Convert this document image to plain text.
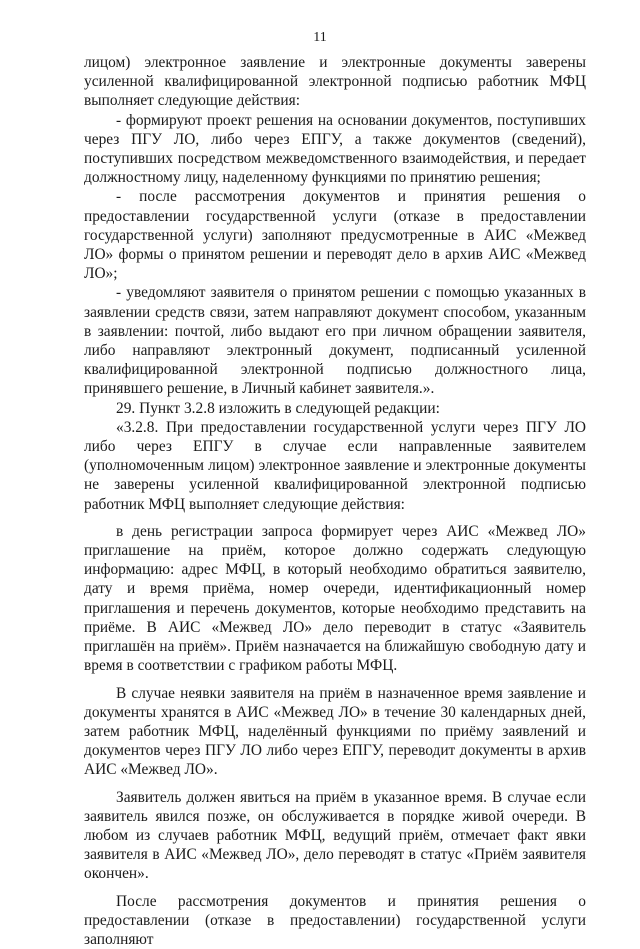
11

лицом) электронное заявление и электронные документы заверены усиленной квалифицированной электронной подписью работник МФЦ выполняет следующие действия:

- формируют проект решения на основании документов, поступивших через ПГУ ЛО, либо через ЕПГУ, а также документов (сведений), поступивших посредством межведомственного взаимодействия, и передает должностному лицу, наделенному функциями по принятию решения;

- после рассмотрения документов и принятия решения о предоставлении государственной услуги (отказе в предоставлении государственной услуги) заполняют предусмотренные в АИС «Межвед ЛО» формы о принятом решении и переводят дело в архив АИС «Межвед ЛО»;

- уведомляют заявителя о принятом решении с помощью указанных в заявлении средств связи, затем направляют документ способом, указанным в заявлении: почтой, либо выдают его при личном обращении заявителя, либо направляют электронный документ, подписанный усиленной квалифицированной электронной подписью должностного лица, принявшего решение, в Личный кабинет заявителя.».

29. Пункт 3.2.8 изложить в следующей редакции:

«3.2.8. При предоставлении государственной услуги через ПГУ ЛО либо через ЕПГУ в случае если направленные заявителем (уполномоченным лицом) электронное заявление и электронные документы не заверены усиленной квалифицированной электронной подписью работник МФЦ выполняет следующие действия:

в день регистрации запроса формирует через АИС «Межвед ЛО» приглашение на приём, которое должно содержать следующую информацию: адрес МФЦ, в который необходимо обратиться заявителю, дату и время приёма, номер очереди, идентификационный номер приглашения и перечень документов, которые необходимо представить на приёме. В АИС «Межвед ЛО» дело переводит в статус «Заявитель приглашён на приём». Приём назначается на ближайшую свободную дату и время в соответствии с графиком работы МФЦ.

В случае неявки заявителя на приём в назначенное время заявление и документы хранятся в АИС «Межвед ЛО» в течение 30 календарных дней, затем работник МФЦ, наделённый функциями по приёму заявлений и документов через ПГУ ЛО либо через ЕПГУ, переводит документы в архив АИС «Межвед ЛО».

Заявитель должен явиться на приём в указанное время. В случае если заявитель явился позже, он обслуживается в порядке живой очереди. В любом из случаев работник МФЦ, ведущий приём, отмечает факт явки заявителя в АИС «Межвед ЛО», дело переводят в статус «Приём заявителя окончен».

После рассмотрения документов и принятия решения о предоставлении (отказе в предоставлении) государственной услуги заполняют
